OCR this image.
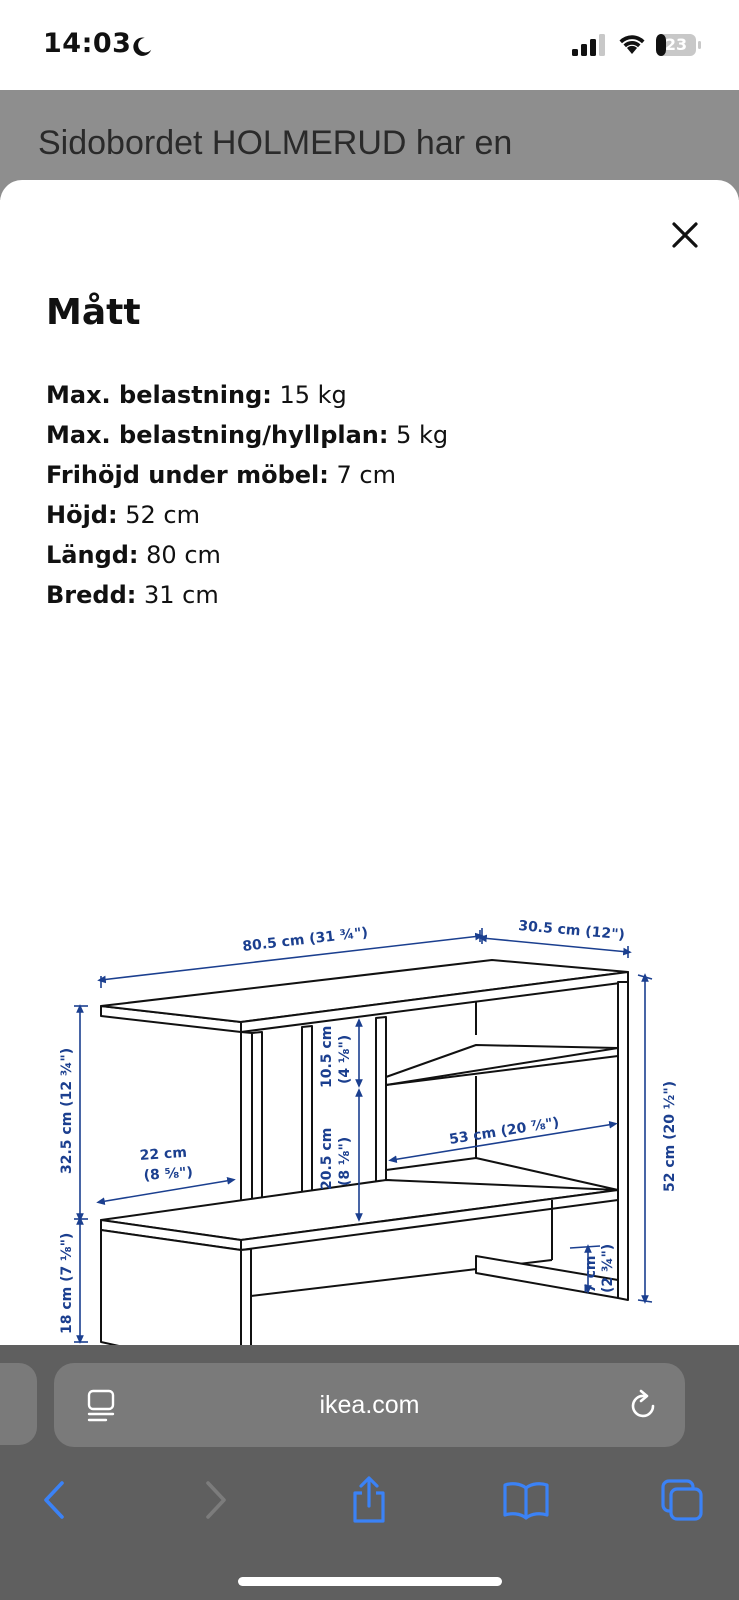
14:03	23
Sidobordet HOLMERUD har en
Mått
Max. belastning: 15 kg
Max. belastning/hyllplan: 5 kg
Frihöjd under möbel: 7 cm
Höjd: 52 cm
Längd: 80 cm
Bredd: 31 cm
80.5 cm (31 ¾")	30.5 cm (12")
52 cm (20 ½")
32.5 cm (12 ¾")
18 cm (7 ⅛")
22 cm
(8 ⅝")
10.5 cm (4 ⅛")
20.5 cm (8 ⅛")
53 cm (20 ⅞")
7 cm (2 ¾")
ikea.com
